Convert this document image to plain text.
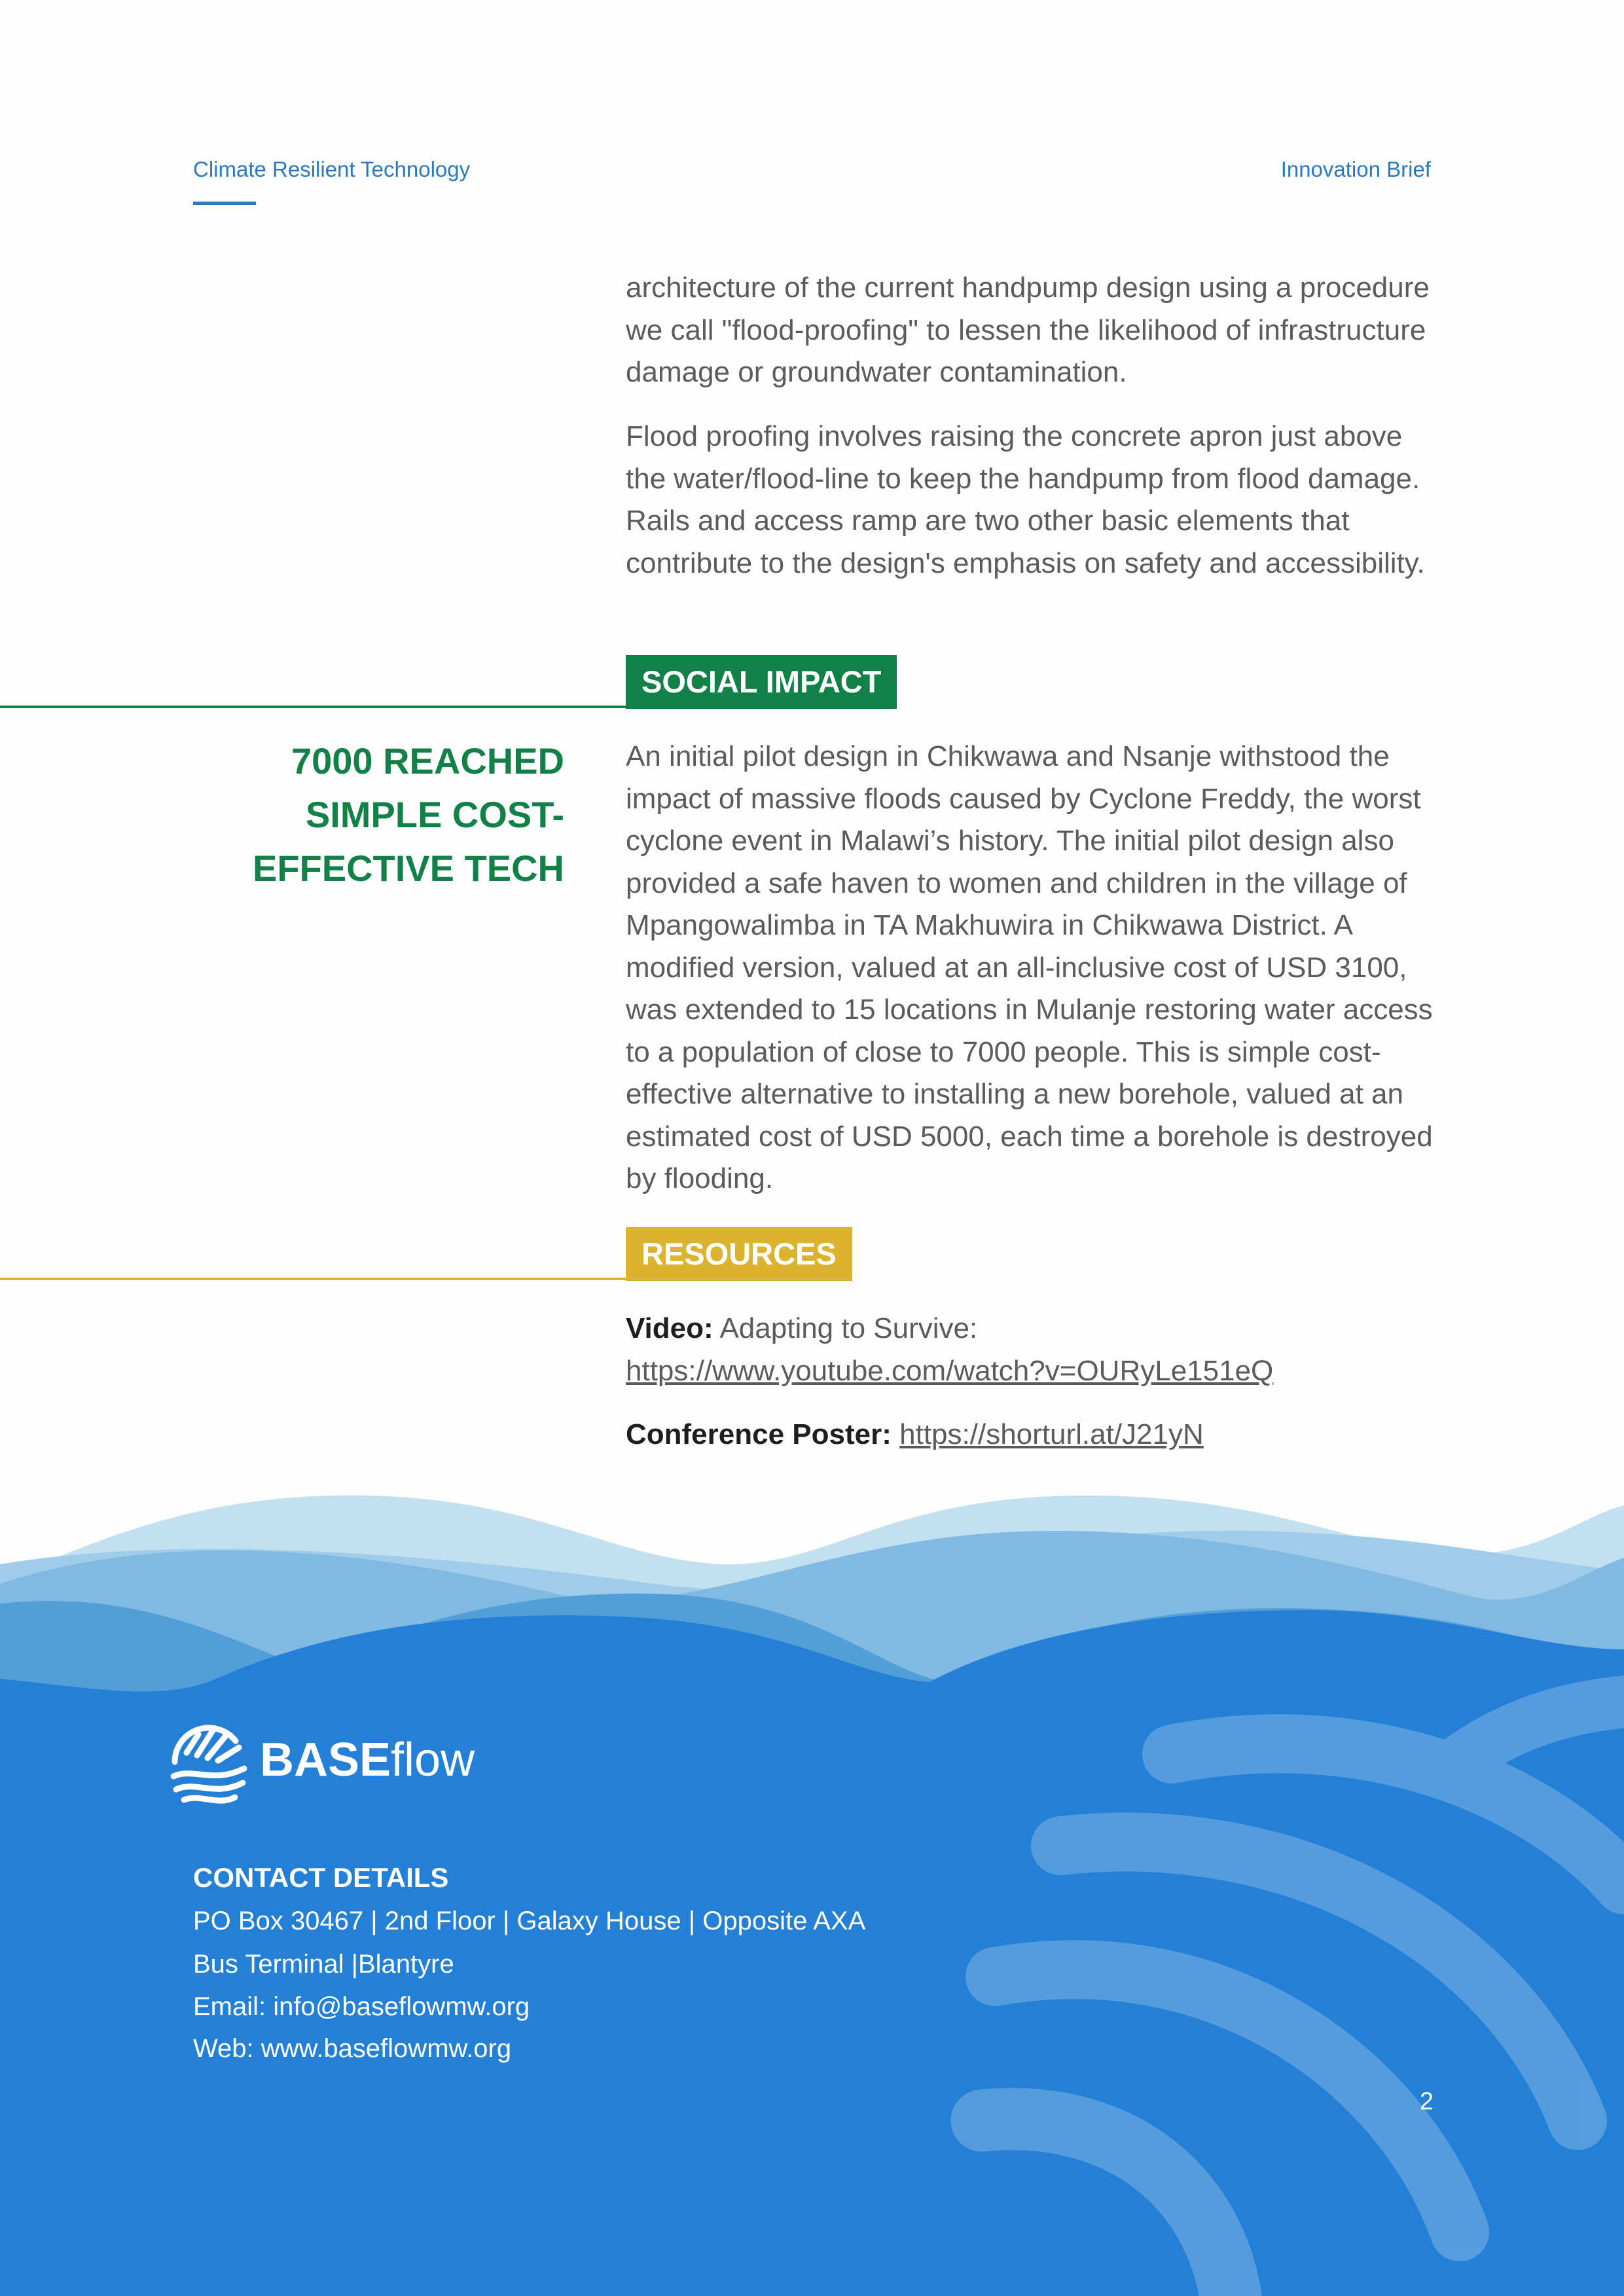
Climate Resilient Technology	Innovation Brief

architecture of the current handpump design using a procedure we call "flood-proofing" to lessen the likelihood of infrastructure damage or groundwater contamination.

Flood proofing involves raising the concrete apron just above the water/flood-line to keep the handpump from flood damage. Rails and access ramp are two other basic elements that contribute to the design's emphasis on safety and accessibility.

SOCIAL IMPACT
7000 REACHED
SIMPLE COST-
EFFECTIVE TECH

An initial pilot design in Chikwawa and Nsanje withstood the impact of massive floods caused by Cyclone Freddy, the worst cyclone event in Malawi’s history. The initial pilot design also provided a safe haven to women and children in the village of Mpangowalimba in TA Makhuwira in Chikwawa District. A modified version, valued at an all-inclusive cost of USD 3100, was extended to 15 locations in Mulanje restoring water access to a population of close to 7000 people. This is simple cost-effective alternative to installing a new borehole, valued at an estimated cost of USD 5000, each time a borehole is destroyed by flooding.

RESOURCES
Video: Adapting to Survive:
https://www.youtube.com/watch?v=OURyLe151eQ
Conference Poster: https://shorturl.at/J21yN
BASEflow
CONTACT DETAILS
PO Box 30467 | 2nd Floor | Galaxy House | Opposite AXA
Bus Terminal |Blantyre
Email: info@baseflowmw.org
Web: www.baseflowmw.org
2
